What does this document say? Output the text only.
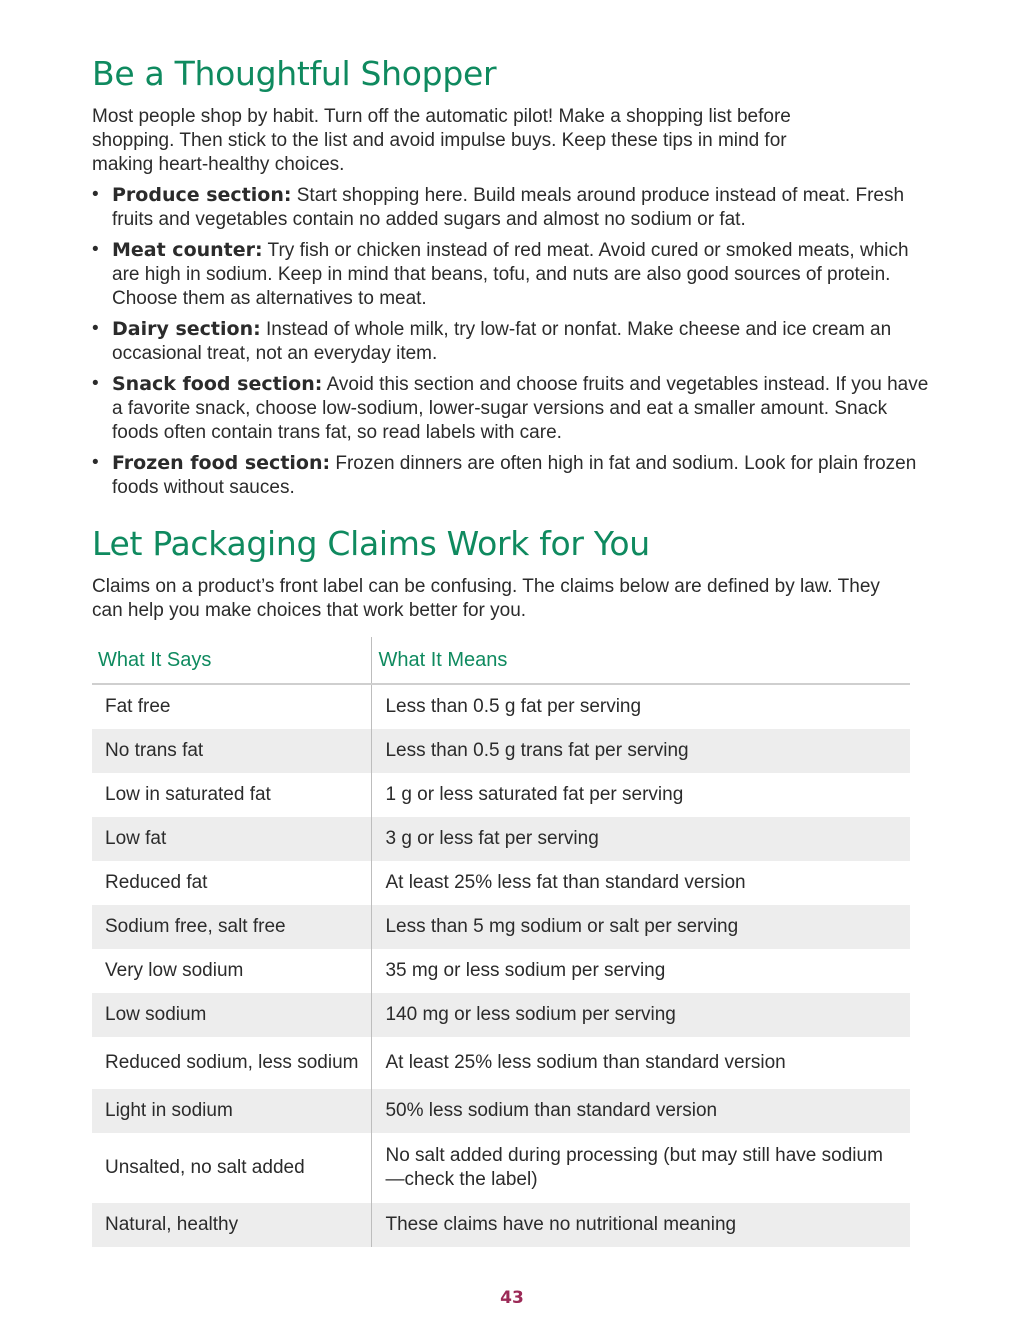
Be a Thoughtful Shopper

Most people shop by habit. Turn off the automatic pilot! Make a shopping list before shopping. Then stick to the list and avoid impulse buys. Keep these tips in mind for making heart-healthy choices.

• Produce section: Start shopping here. Build meals around produce instead of meat. Fresh fruits and vegetables contain no added sugars and almost no sodium or fat.
• Meat counter: Try fish or chicken instead of red meat. Avoid cured or smoked meats, which are high in sodium. Keep in mind that beans, tofu, and nuts are also good sources of protein. Choose them as alternatives to meat.
• Dairy section: Instead of whole milk, try low-fat or nonfat. Make cheese and ice cream an occasional treat, not an everyday item.
• Snack food section: Avoid this section and choose fruits and vegetables instead. If you have a favorite snack, choose low-sodium, lower-sugar versions and eat a smaller amount. Snack foods often contain trans fat, so read labels with care.
• Frozen food section: Frozen dinners are often high in fat and sodium. Look for plain frozen foods without sauces.
Let Packaging Claims Work for You

Claims on a product’s front label can be confusing. The claims below are defined by law. They can help you make choices that work better for you.

What It Says	What It Means
Fat free	Less than 0.5 g fat per serving
No trans fat	Less than 0.5 g trans fat per serving
Low in saturated fat	1 g or less saturated fat per serving
Low fat	3 g or less fat per serving
Reduced fat	At least 25% less fat than standard version
Sodium free, salt free	Less than 5 mg sodium or salt per serving
Very low sodium	35 mg or less sodium per serving
Low sodium	140 mg or less sodium per serving
Reduced sodium, less sodium	At least 25% less sodium than standard version
Light in sodium	50% less sodium than standard version
Unsalted, no salt added	No salt added during processing (but may still have sodium—check the label)
Natural, healthy	These claims have no nutritional meaning
43
